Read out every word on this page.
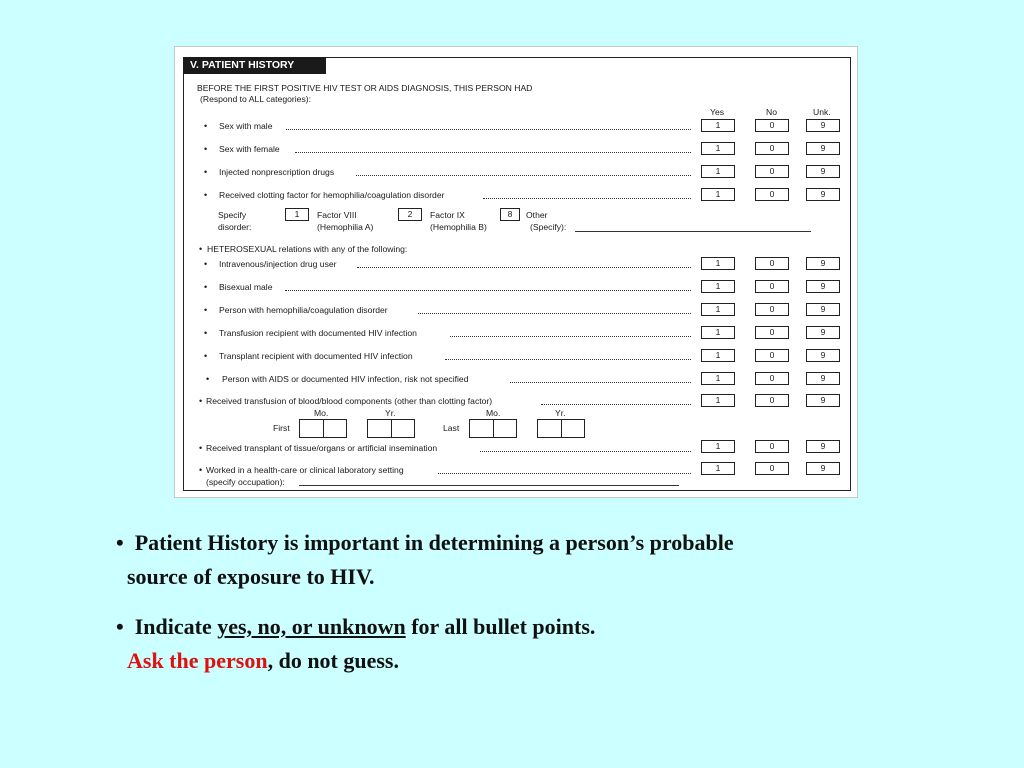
V. PATIENT HISTORY
BEFORE THE FIRST POSITIVE HIV TEST OR AIDS DIAGNOSIS, THIS PERSON HAD
(Respond to ALL categories):
Yes	No	Unk.
• Sex with male	1	0	9
• Sex with female	1	0	9
• Injected nonprescription drugs	1	0	9
• Received clotting factor for hemophilia/coagulation disorder	1	0	9
Specify
disorder:
1	Factor VIII
(Hemophilia A)
2	Factor IX
(Hemophilia B)
8	Other
(Specify):
• HETEROSEXUAL relations with any of the following:
• Intravenous/injection drug user	1	0	9
• Bisexual male	1	0	9
• Person with hemophilia/coagulation disorder	1	0	9
• Transfusion recipient with documented HIV infection	1	0	9
• Transplant recipient with documented HIV infection	1	0	9
• Person with AIDS or documented HIV infection, risk not specified	1	0	9
• Received transfusion of blood/blood components (other than clotting factor)	1	0	9
Mo.	Yr.	Mo.	Yr.
First	Last
• Received transplant of tissue/organs or artificial insemination	1	0	9
• Worked in a health-care or clinical laboratory setting	1	0	9
(specify occupation):

• Patient History is important in determining a person’s probable
source of exposure to HIV.

• Indicate yes, no, or unknown for all bullet points.
Ask the person, do not guess.
